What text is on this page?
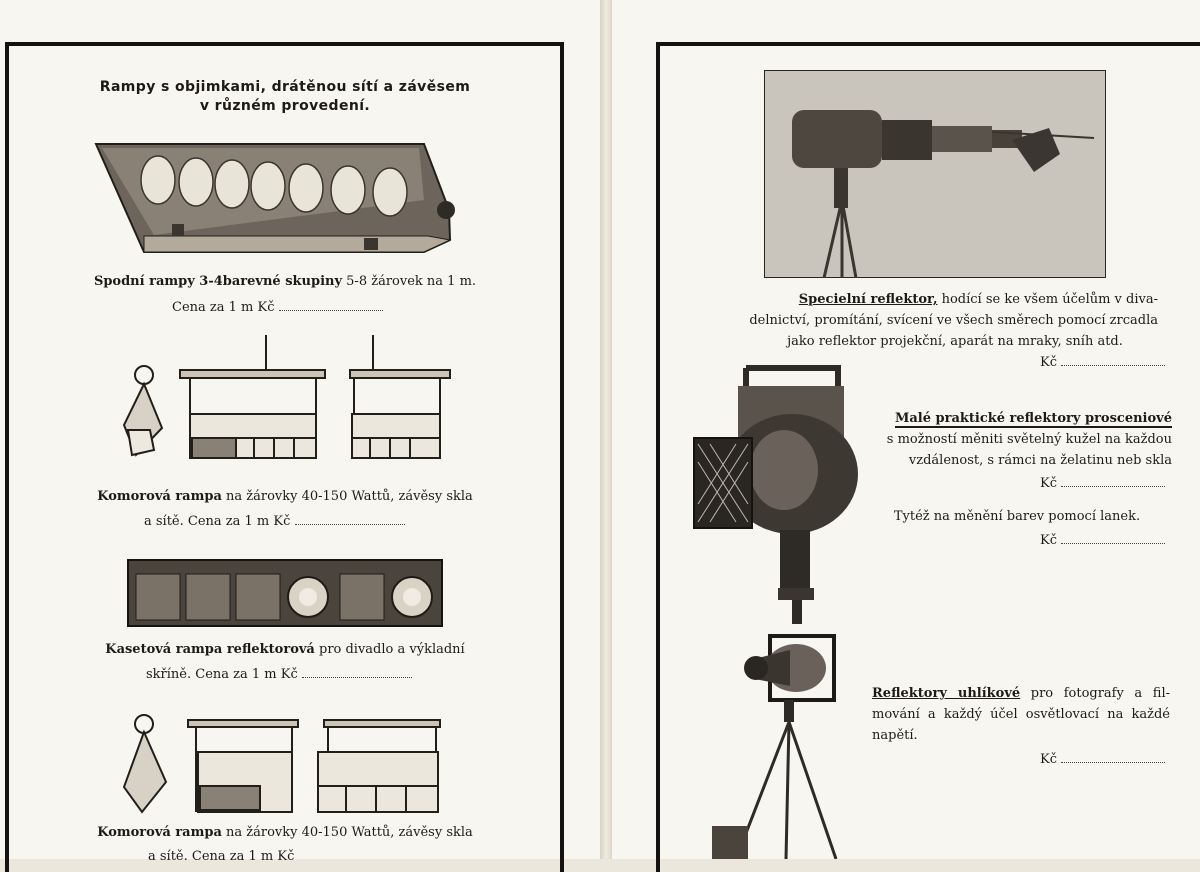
Rampy s objimkami, drátěnou sítí a závěsem
v různém provedení.
Spodní rampy 3-4barevné skupiny 5-8 žárovek na 1 m.
Cena za 1 m Kč
Komorová rampa na žárovky 40-150 Wattů, závěsy skla
a sítě. Cena za 1 m Kč
Kasetová rampa reflektorová pro divadlo a výkladní
skříně. Cena za 1 m Kč
Komorová rampa na žárovky 40-150 Wattů, závěsy skla
a sítě. Cena za 1 m Kč
Specielní reflektor, hodící se ke všem účelům v diva-
delnictví, promítání, svícení ve všech směrech pomocí zrcadla
jako reflektor projekční, aparát na mraky, sníh atd.
Kč
Malé praktické reflektory prosceniové
s možností měniti světelný kužel na každou
vzdálenost, s rámci na želatinu neb skla
Kč
Tytéž na měnění barev pomocí lanek.
Kč
Reflektory uhlíkové pro fotografy a fil-
mování a každý účel osvětlovací na každé
napětí.
Kč
